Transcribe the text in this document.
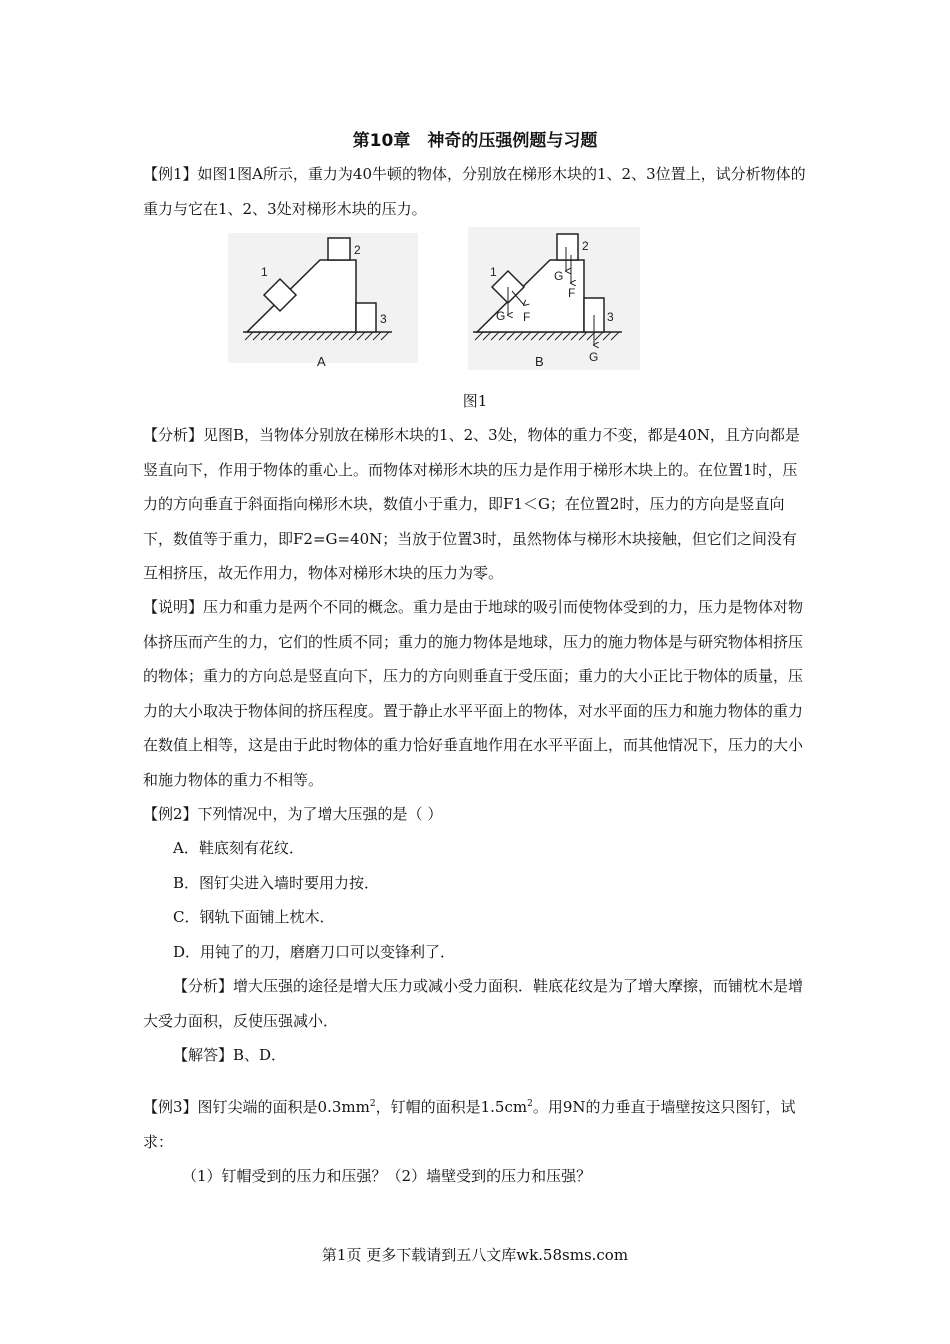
第10章　神奇的压强例题与习题
【例1】如图1图A所示，重力为40牛顿的物体，分别放在梯形木块的1、2、3位置上，试分析物体的重力与它在1、2、3处对梯形木块的压力。
1
2
3
A
1
2
3
G F
G
F
G
B
图1
【分析】见图B，当物体分别放在梯形木块的1、2、3处，物体的重力不变，都是40N，且方向都是竖直向下，作用于物体的重心上。而物体对梯形木块的压力是作用于梯形木块上的。在位置1时，压力的方向垂直于斜面指向梯形木块，数值小于重力，即F1＜G；在位置2时，压力的方向是竖直向下，数值等于重力，即F2=G=40N；当放于位置3时，虽然物体与梯形木块接触，但它们之间没有互相挤压，故无作用力，物体对梯形木块的压力为零。
【说明】压力和重力是两个不同的概念。重力是由于地球的吸引而使物体受到的力，压力是物体对物体挤压而产生的力，它们的性质不同；重力的施力物体是地球，压力的施力物体是与研究物体相挤压的物体；重力的方向总是竖直向下，压力的方向则垂直于受压面；重力的大小正比于物体的质量，压力的大小取决于物体间的挤压程度。置于静止水平平面上的物体，对水平面的压力和施力物体的重力在数值上相等，这是由于此时物体的重力恰好垂直地作用在水平平面上，而其他情况下，压力的大小和施力物体的重力不相等。
【例2】下列情况中，为了增大压强的是（ ）
A．鞋底刻有花纹．
B．图钉尖进入墙时要用力按．
C．钢轨下面铺上枕木．
D．用钝了的刀，磨磨刀口可以变锋利了．
【分析】增大压强的途径是增大压力或减小受力面积．鞋底花纹是为了增大摩擦，而铺枕木是增大受力面积，反使压强减小．
【解答】B、D．
【例3】图钉尖端的面积是$0.3mm^2$，钉帽的面积是$1.5cm^2$。用9N的力垂直于墙壁按这只图钉，试求：
（1）钉帽受到的压力和压强？（2）墙壁受到的压力和压强？
第1页 更多下载请到五八文库wk.58sms.com
